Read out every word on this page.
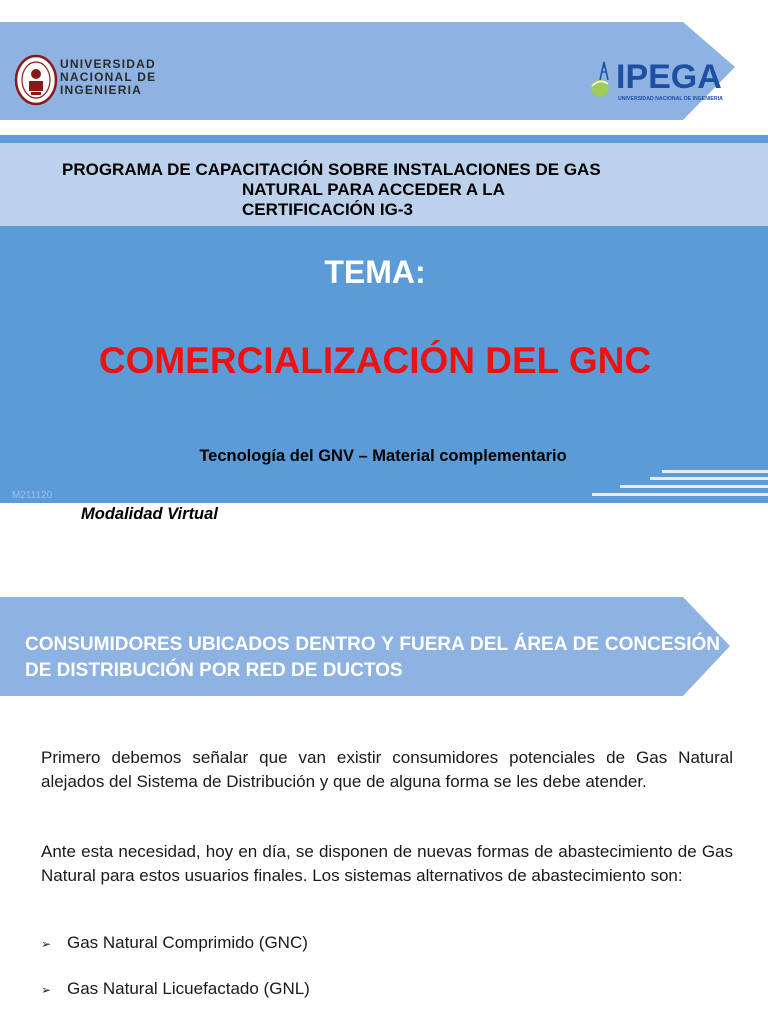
UNIVERSIDAD
NACIONAL DE
INGENIERIA	IPEGA
UNIVERSIDAD NACIONAL DE INGENIERIA
PROGRAMA DE CAPACITACIÓN SOBRE INSTALACIONES DE GAS
NATURAL PARA ACCEDER A LA
CERTIFICACIÓN IG-3
TEMA:
COMERCIALIZACIÓN DEL GNC
Tecnología del GNV – Material complementario
M211120
Modalidad Virtual

CONSUMIDORES UBICADOS DENTRO Y FUERA DEL ÁREA DE CONCESIÓN DE DISTRIBUCIÓN POR RED DE DUCTOS

Primero debemos señalar que van existir consumidores potenciales de Gas Natural alejados del Sistema de Distribución y que de alguna forma se les debe atender.

Ante esta necesidad, hoy en día, se disponen de nuevas formas de abastecimiento de Gas Natural para estos usuarios finales. Los sistemas alternativos de abastecimiento son:

➢ Gas Natural Comprimido (GNC)
➢ Gas Natural Licuefactado (GNL)
